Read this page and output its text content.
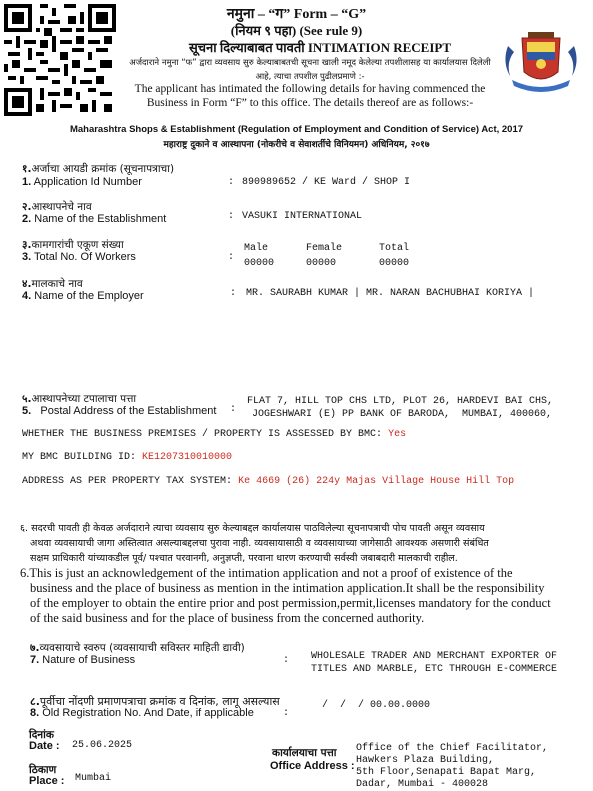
नमुना – “ग” Form – “G”
(नियम ९ पहा) (See rule 9)
सूचना दिल्याबाबत पावती INTIMATION RECEIPT
अर्जदाराने नमुना “फ” द्वारा व्यवसाय सुरु केल्याबाबतची सूचना खाली नमूद केलेल्या तपशीलासह या कार्यालयास दिलेली आहे, त्याचा तपशील पुढीलप्रमाणे :-
The applicant has intimated the following details for having commenced the
Business in Form “F” to this office. The details thereof are as follows:-
Maharashtra Shops & Establishment (Regulation of Employment and Condition of Service) Act, 2017
महाराष्ट्र दुकाने व आस्थापना (नोकरीचे व सेवाशर्तीचे विनियमन) अधिनियम, २०१७
१.अर्जाचा आयडी क्रमांक (सूचनापत्राचा)
1. Application Id Number	: 890989652 / KE Ward / SHOP I
२.आस्थापनेचे नाव
2. Name of the Establishment	: VASUKI INTERNATIONAL
३.कामगारांची एकूण संख्या
3. Total No. Of Workers	:
Male	Female	Total
00000	00000	00000
४.मालकाचे नाव
4. Name of the Employer	: MR. SAURABH KUMAR | MR. NARAN BACHUBHAI KORIYA |
५.आस्थापनेच्या टपालाचा पत्ता
5. Postal Address of the Establishment :
FLAT 7, HILL TOP CHS LTD, PLOT 26, HARDEVI BAI CHS,
JOGESHWARI (E) PP BANK OF BARODA,  MUMBAI, 400060,
WHETHER THE BUSINESS PREMISES / PROPERTY IS ASSESSED BY BMC: Yes
MY BMC BUILDING ID: KE1207310010000
ADDRESS AS PER PROPERTY TAX SYSTEM: Ke 4669 (26) 224y Majas Village House Hill Top
६. सदरची पावती ही केवळ अर्जदाराने त्याचा व्यवसाय सुरु केल्याबद्दल कार्यालयास पाठविलेल्या सूचनापत्राची पोच पावती असून व्यवसाय
अथवा व्यवसायाची जागा अस्तित्वात असल्याबद्दलचा पुरावा नाही. व्यवसायासाठी व व्यवसायाच्या जागेसाठी आवश्यक असणारी संबंधित
सक्षम प्राधिकारी यांच्याकडील पूर्व/ पश्चात परवानगी, अनुज्ञप्ती, परवाना धारण करण्याची सर्वस्वी जबाबदारी मालकाची राहील.
6.This is just an acknowledgement of the intimation application and not a proof of existence of the
business and the place of business as mention in the intimation application.It shall be the responsibility
of the employer to obtain the entire prior and post permission,permit,licenses mandatory for the conduct
of the said business and for the place of business from the concerned authority.
७.व्यवसायाचे स्वरुप (व्यवसायाची सविस्तर माहिती द्यावी)
7. Nature of Business	: WHOLESALE TRADER AND MERCHANT EXPORTER OF
TITLES AND MARBLE, ETC THROUGH E-COMMERCE
८.पूर्वीचा नोंदणी प्रमाणपत्राचा क्रमांक व दिनांक, लागू असल्यास
8. Old Registration No. And Date, if applicable	:
/  /  / 00.00.0000
दिनांक
Date : 25.06.2025
ठिकाण
Place : Mumbai
कार्यालयाचा पत्ता
Office Address :
Office of the Chief Facilitator,
Hawkers Plaza Building,
5th Floor,Senapati Bapat Marg,
Dadar, Mumbai - 400028
